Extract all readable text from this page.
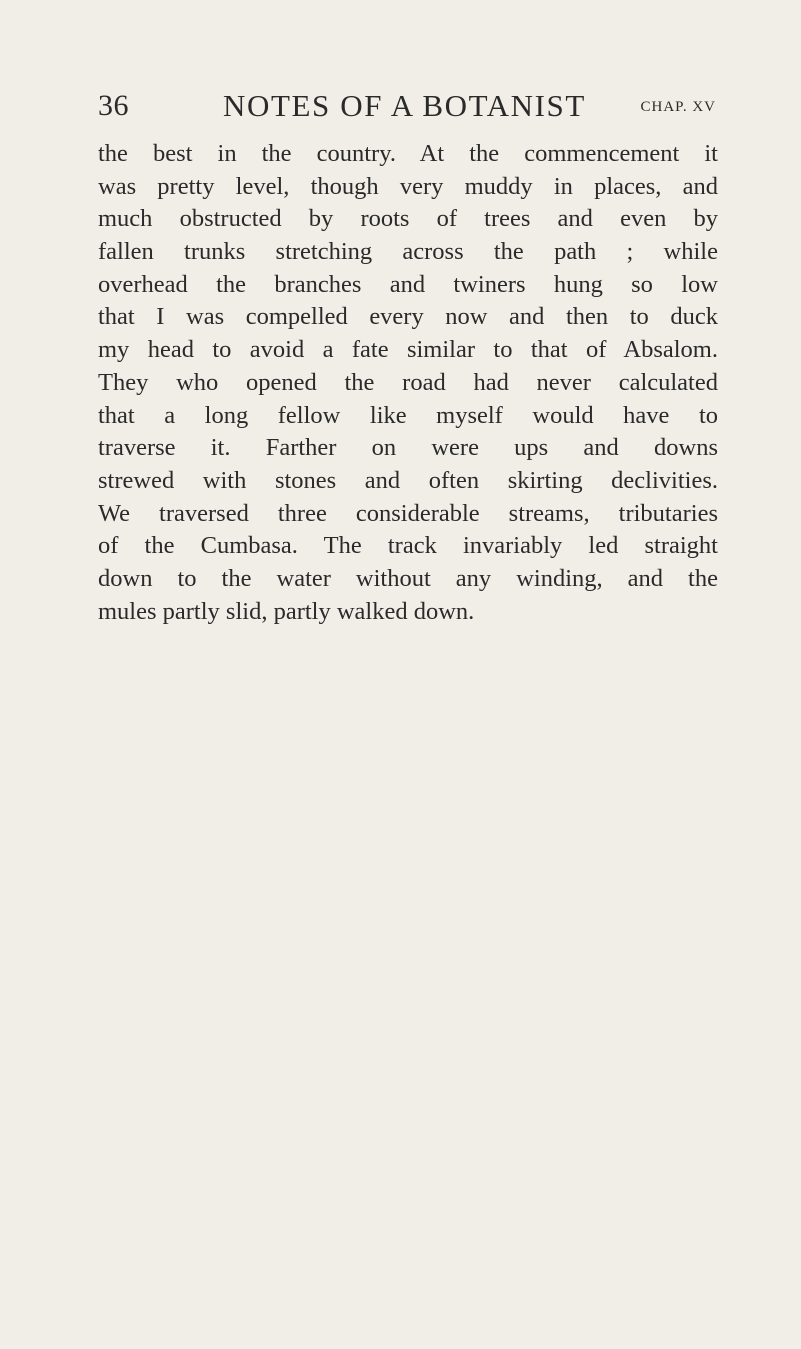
36	NOTES OF A BOTANIST	CHAP. XV
the best in the country. At the commencement it
was pretty level, though very muddy in places, and
much obstructed by roots of trees and even by
fallen trunks stretching across the path ; while
overhead the branches and twiners hung so low
that I was compelled every now and then to duck
my head to avoid a fate similar to that of Absalom.
They who opened the road had never calculated
that a long fellow like myself would have to
traverse it. Farther on were ups and downs
strewed with stones and often skirting declivities.
We traversed three considerable streams, tributaries
of the Cumbasa. The track invariably led straight
down to the water without any winding, and the
mules partly slid, partly walked down.
